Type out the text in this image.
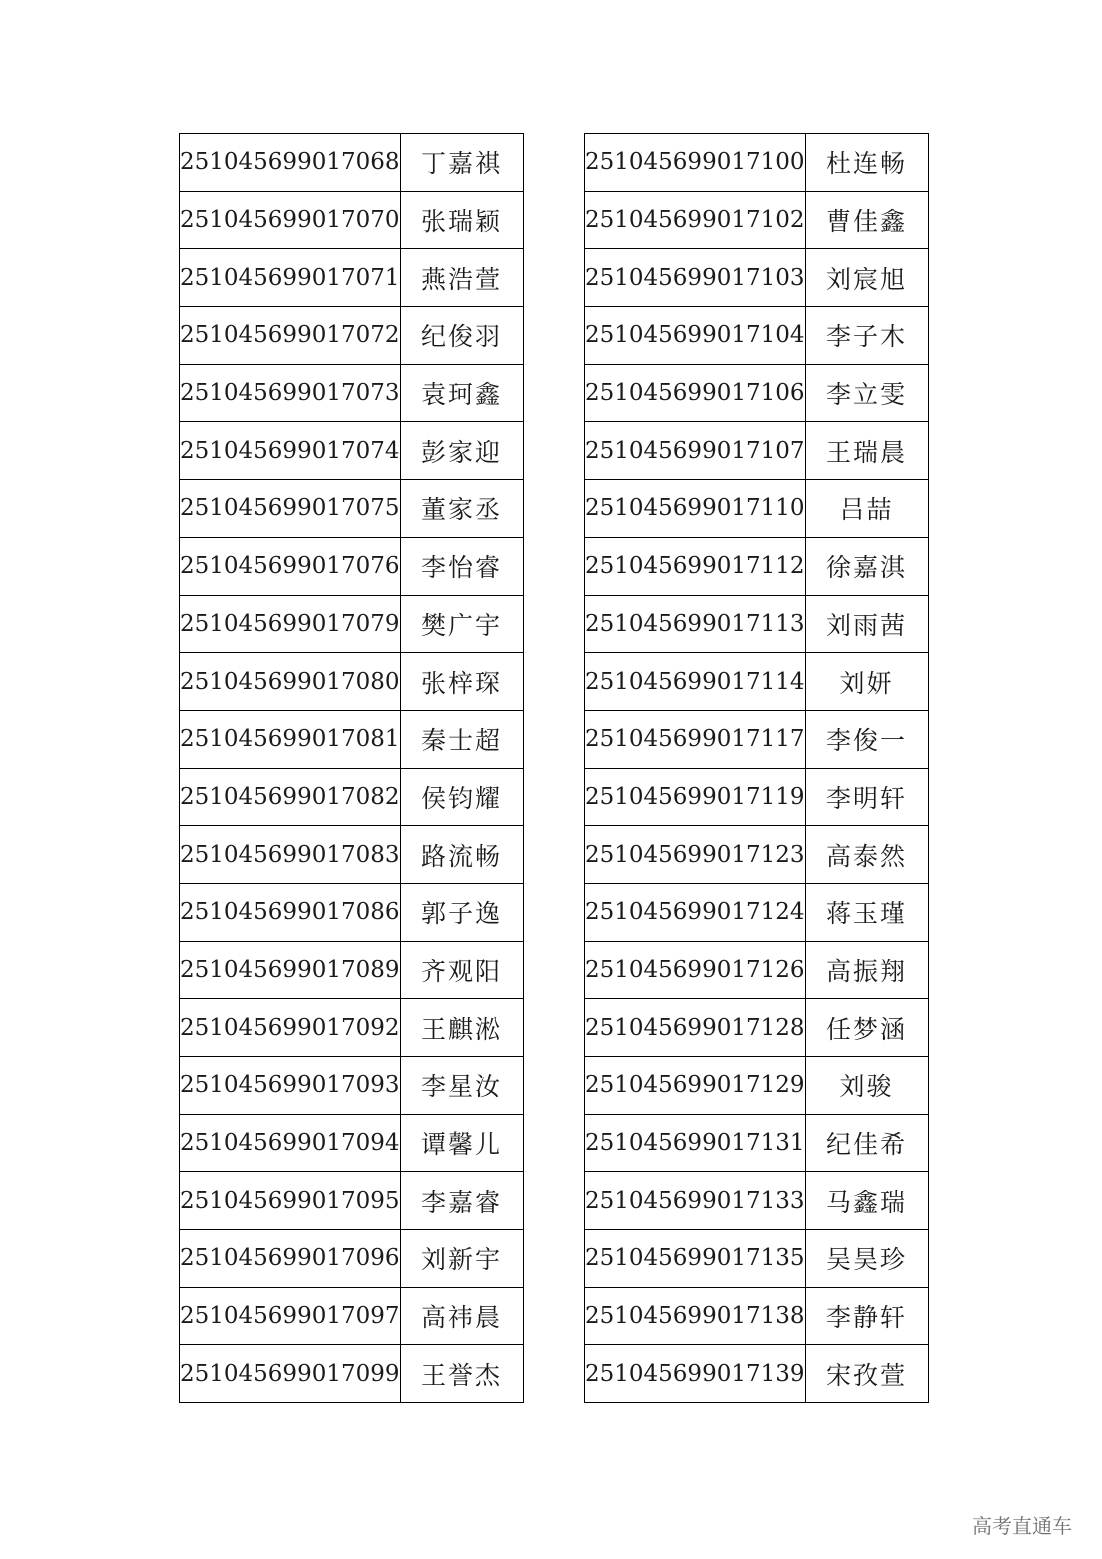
251045699017068	丁嘉祺
251045699017070	张瑞颖
251045699017071	燕浩萱
251045699017072	纪俊羽
251045699017073	袁珂鑫
251045699017074	彭家迎
251045699017075	董家丞
251045699017076	李怡睿
251045699017079	樊广宇
251045699017080	张梓琛
251045699017081	秦士超
251045699017082	侯钧耀
251045699017083	路流畅
251045699017086	郭子逸
251045699017089	齐观阳
251045699017092	王麒淞
251045699017093	李星汝
251045699017094	谭馨儿
251045699017095	李嘉睿
251045699017096	刘新宇
251045699017097	高祎晨
251045699017099	王誉杰
251045699017100	杜连畅
251045699017102	曹佳鑫
251045699017103	刘宸旭
251045699017104	李子木
251045699017106	李立雯
251045699017107	王瑞晨
251045699017110	吕喆
251045699017112	徐嘉淇
251045699017113	刘雨茜
251045699017114	刘妍
251045699017117	李俊一
251045699017119	李明轩
251045699017123	高泰然
251045699017124	蒋玉瑾
251045699017126	高振翔
251045699017128	任梦涵
251045699017129	刘骏
251045699017131	纪佳希
251045699017133	马鑫瑞
251045699017135	吴昊珍
251045699017138	李静轩
251045699017139	宋孜萱
高考直通车
